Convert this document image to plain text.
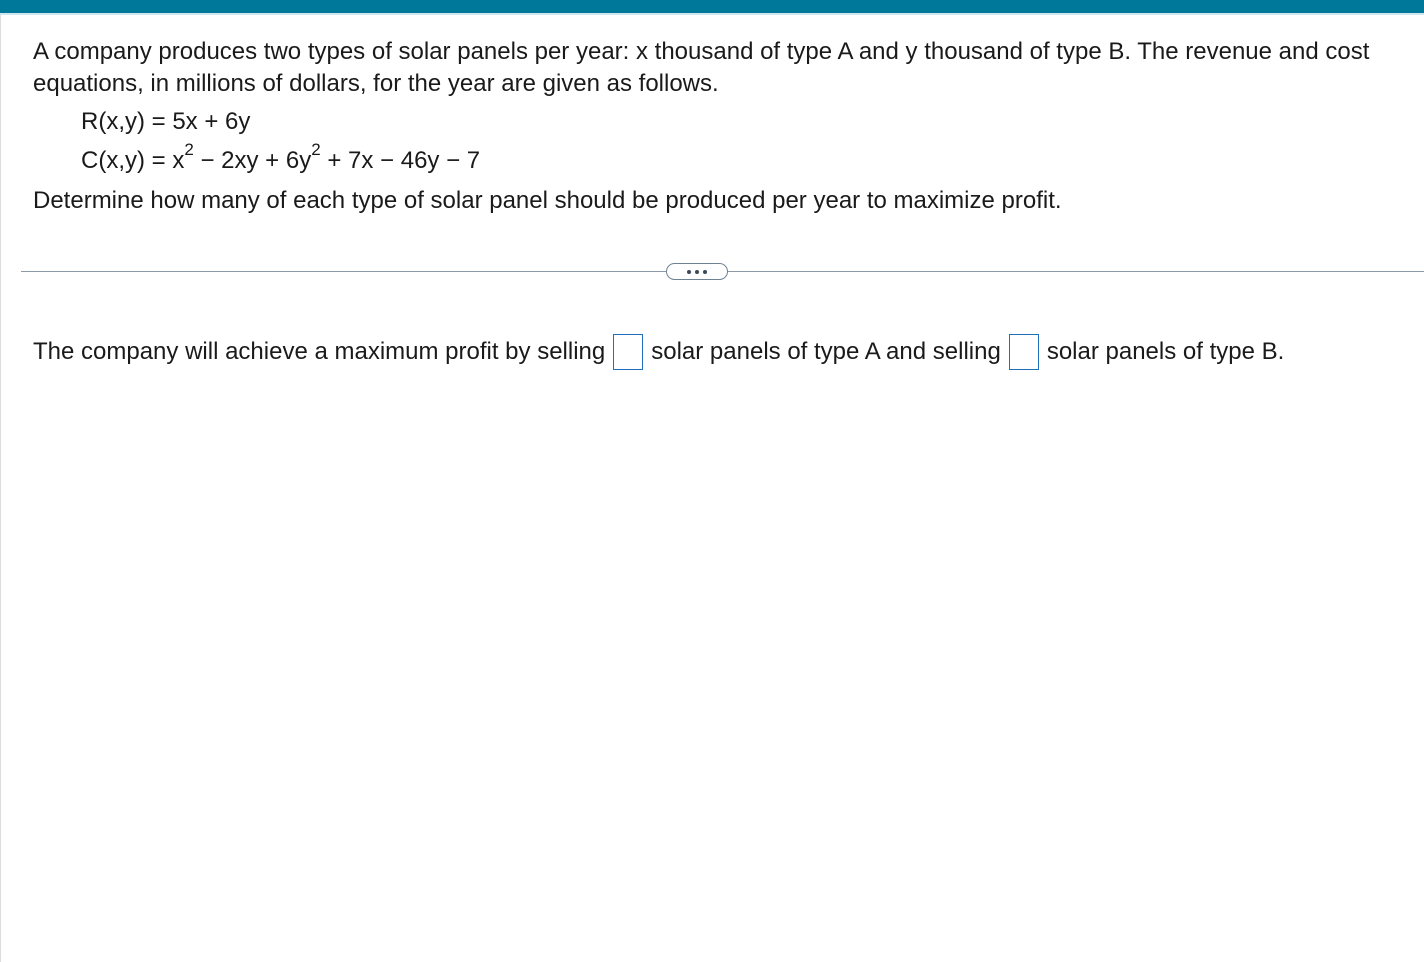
A company produces two types of solar panels per year: x thousand of type A and y thousand of type B. The revenue and cost equations, in millions of dollars, for the year are given as follows.

R(x,y) = 5x + 6y
$C(x,y) = x^2 - 2xy + 6y^2 + 7x - 46y - 7$
Determine how many of each type of solar panel should be produced per year to maximize profit.
The company will achieve a maximum profit by selling solar panels of type A and selling solar panels of type B.
